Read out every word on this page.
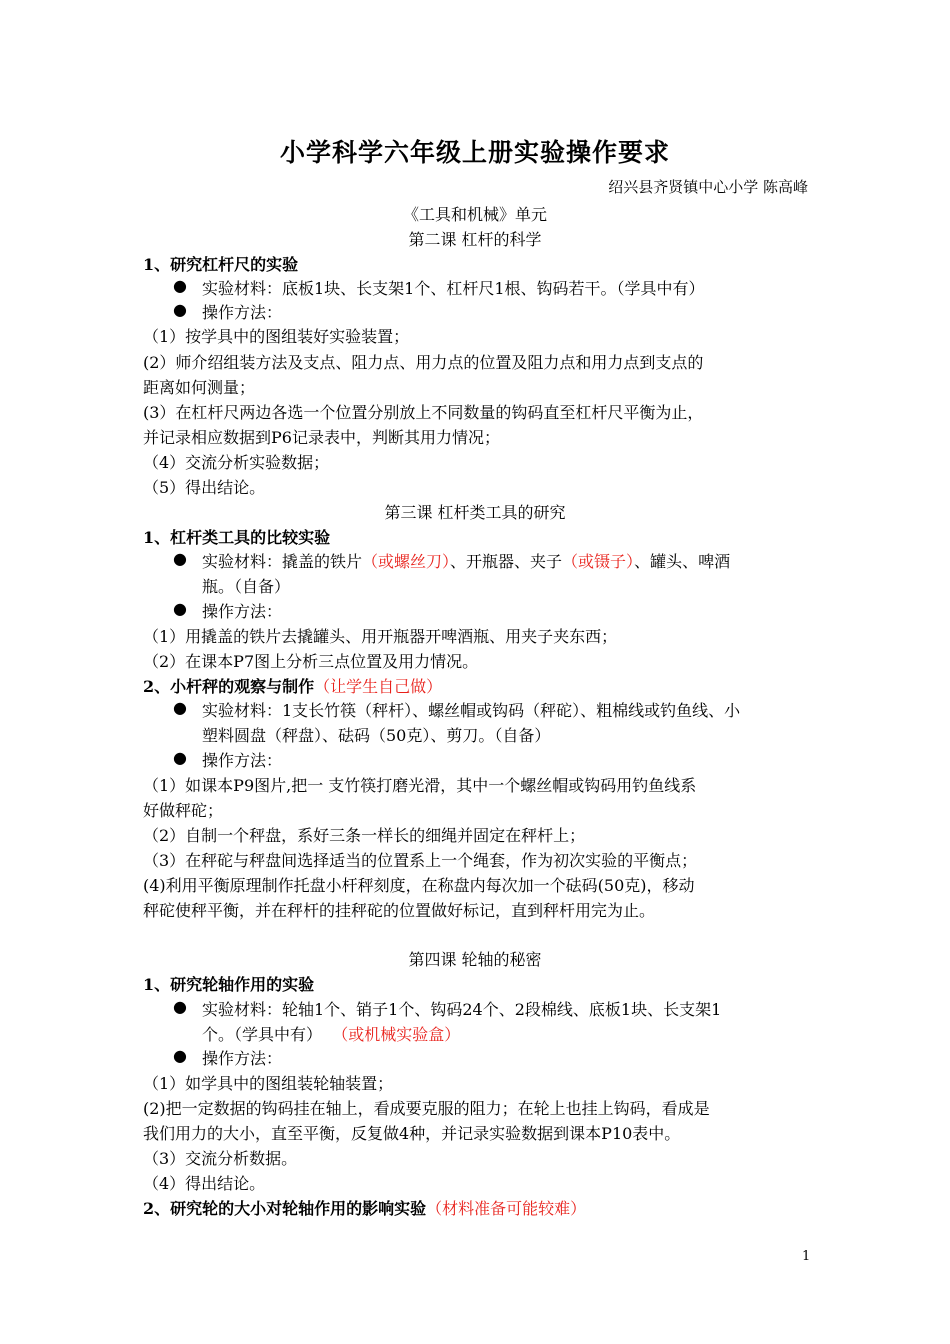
小学科学六年级上册实验操作要求
绍兴县齐贤镇中心小学 陈高峰
《工具和机械》单元
第二课 杠杆的科学
1、研究杠杆尺的实验
● 实验材料：底板1块、长支架1个、杠杆尺1根、钩码若干。（学具中有）
● 操作方法：
（1）按学具中的图组装好实验装置；
(2）师介绍组装方法及支点、阻力点、用力点的位置及阻力点和用力点到支点的
距离如何测量；
(3）在杠杆尺两边各选一个位置分别放上不同数量的钩码直至杠杆尺平衡为止，
并记录相应数据到P6记录表中，判断其用力情况；
（4）交流分析实验数据；
（5）得出结论。
第三课 杠杆类工具的研究
1、杠杆类工具的比较实验
● 实验材料：撬盖的铁片（或螺丝刀）、开瓶器、夹子（或镊子）、罐头、啤酒
瓶。（自备）
● 操作方法：
（1）用撬盖的铁片去撬罐头、用开瓶器开啤酒瓶、用夹子夹东西；
（2）在课本P7图上分析三点位置及用力情况。
2、小杆秤的观察与制作（让学生自己做）
● 实验材料：1支长竹筷（秤杆）、螺丝帽或钩码（秤砣）、粗棉线或钓鱼线、小
塑料圆盘（秤盘）、砝码（50克）、剪刀。（自备）
● 操作方法：
（1）如课本P9图片,把一 支竹筷打磨光滑，其中一个螺丝帽或钩码用钓鱼线系
好做秤砣；
（2）自制一个秤盘，系好三条一样长的细绳并固定在秤杆上；
（3）在秤砣与秤盘间选择适当的位置系上一个绳套，作为初次实验的平衡点；
(4)利用平衡原理制作托盘小杆秤刻度，在称盘内每次加一个砝码(50克)，移动
秤砣使秤平衡，并在秤杆的挂秤砣的位置做好标记，直到秤杆用完为止。
第四课 轮轴的秘密
1、研究轮轴作用的实验
● 实验材料：轮轴1个、销子1个、钩码24个、2段棉线、底板1块、长支架1
个。（学具中有） （或机械实验盒）
● 操作方法：
（1）如学具中的图组装轮轴装置；
(2)把一定数据的钩码挂在轴上，看成要克服的阻力；在轮上也挂上钩码，看成是
我们用力的大小，直至平衡，反复做4种，并记录实验数据到课本P10表中。
（3）交流分析数据。
（4）得出结论。
2、研究轮的大小对轮轴作用的影响实验（材料准备可能较难）
1
